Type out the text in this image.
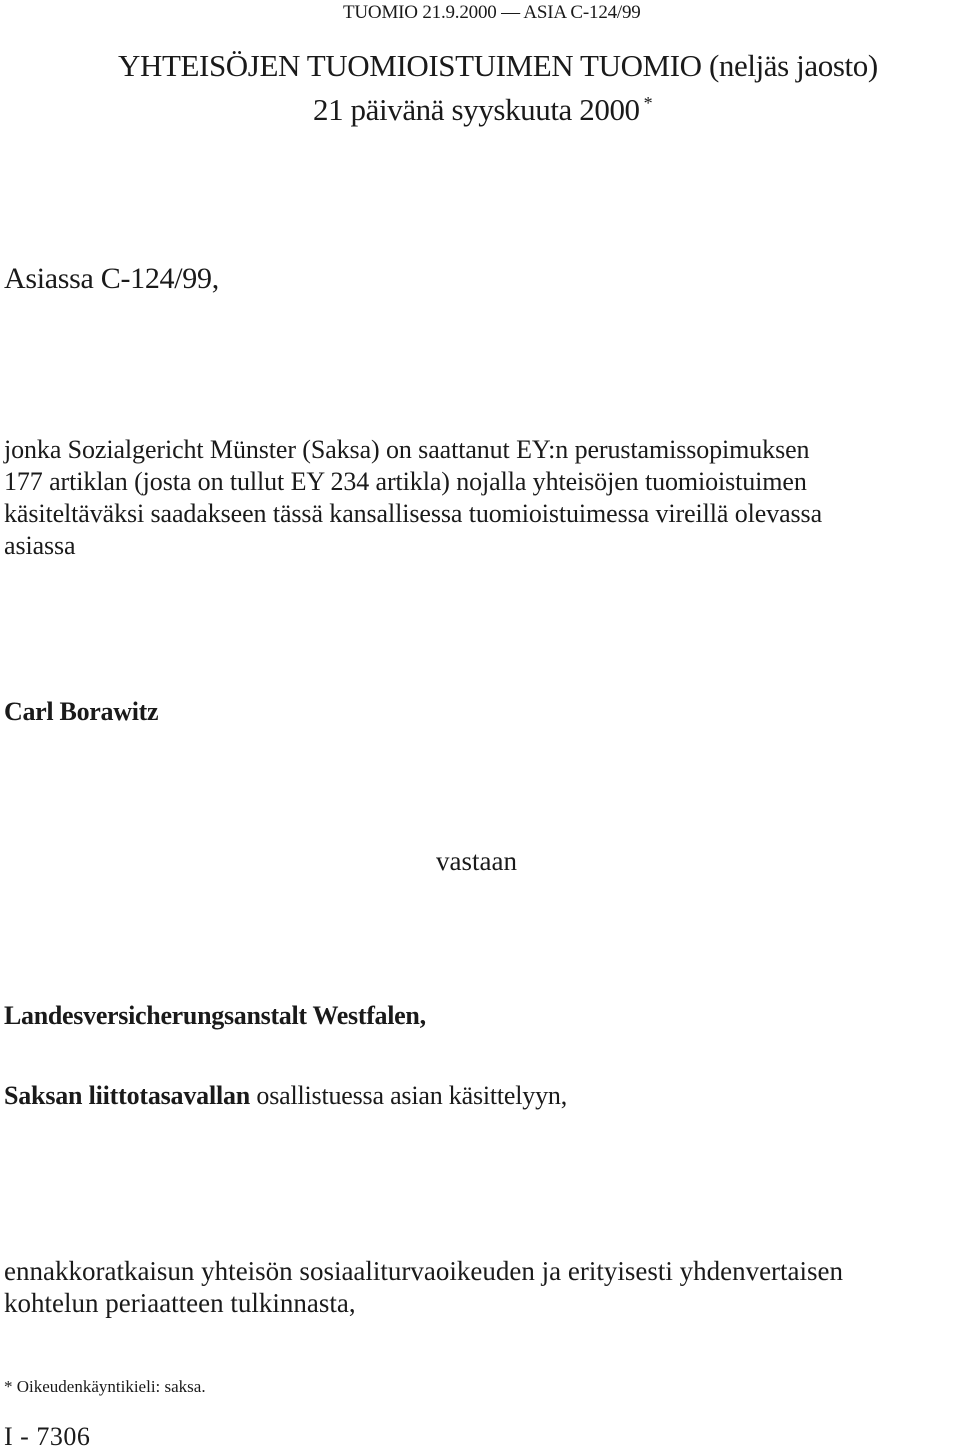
TUOMIO 21.9.2000 — ASIA C-124/99
YHTEISÖJEN TUOMIOISTUIMEN TUOMIO (neljäs jaosto)
21 päivänä syyskuuta 2000 *
Asiassa C-124/99,
jonka Sozialgericht Münster (Saksa) on saattanut EY:n perustamissopimuksen
177 artiklan (josta on tullut EY 234 artikla) nojalla yhteisöjen tuomioistuimen
käsiteltäväksi saadakseen tässä kansallisessa tuomioistuimessa vireillä olevassa
asiassa
Carl Borawitz
vastaan
Landesversicherungsanstalt Westfalen,
Saksan liittotasavallan osallistuessa asian käsittelyyn,
ennakkoratkaisun yhteisön sosiaaliturvaoikeuden ja erityisesti yhdenvertaisen
kohtelun periaatteen tulkinnasta,
* Oikeudenkäyntikieli: saksa.
I - 7306
